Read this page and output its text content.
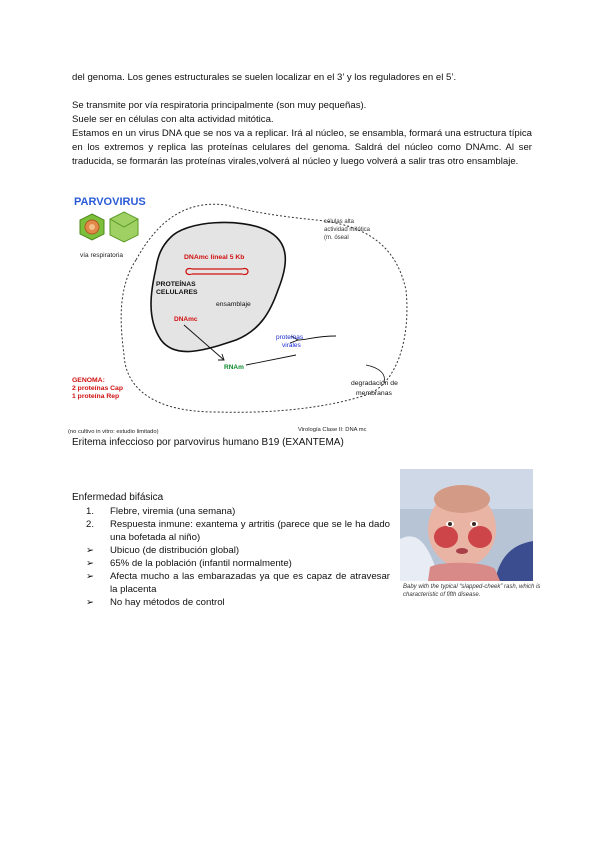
del genoma. Los genes estructurales se suelen localizar en el 3’ y los reguladores en el 5’.
Se transmite por vía respiratoria principalmente (son muy pequeñas).
Suele ser en células con alta actividad mitótica.
Estamos en un virus DNA que se nos va a replicar. Irá al núcleo, se ensambla, formará una estructura típica en los extremos y replica las proteínas celulares del genoma. Saldrá del núcleo como DNAmc. Al ser traducida, se formarán las proteínas virales,volverá al núcleo y luego volverá a salir tras otro ensamblaje.
PARVOVIRUS
vía respiratoria	DNAmc lineal 5 Kb
PROTEÍNAS
CELULARES
ensamblaje
DNAmc
proteínas
virales
RNAm
GENOMA:
2 proteínas Cap
1 proteína Rep
células alta
actividad mitótica
(m. óseal
degradación de
membranas
(no cultivo in vitro: estudio limitado)	Virología Clase II: DNA mc
Eritema infeccioso por parvovirus humano B19 (EXANTEMA)
Enfermedad bifásica
1.	Flebre, viremia (una semana)
2.	Respuesta inmune: exantema y artritis (parece que se le ha dado una bofetada al niño)
➢	Ubicuo (de distribución global)
➢	65% de la población (infantil normalmente)
➢	Afecta mucho a las embarazadas ya que es capaz de atravesar la placenta
➢	No hay métodos de control
Baby with the typical “slapped-cheek” rash, which is characteristic of fifth disease.
